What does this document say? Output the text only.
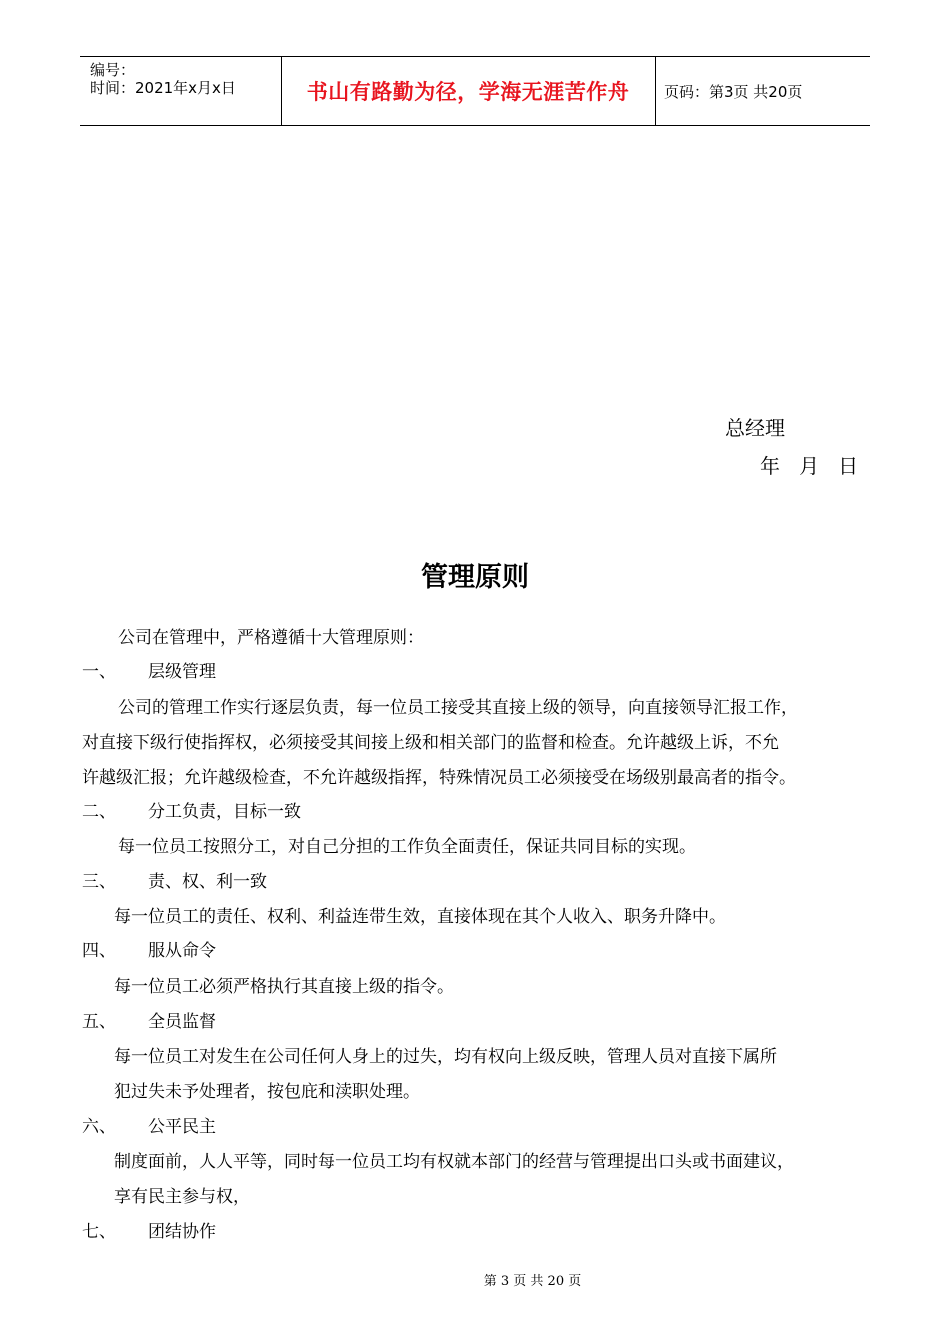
编号：
时间：2021年x月x日	书山有路勤为径，学海无涯苦作舟	页码：第3页 共20页
总经理
年   月   日
管理原则
公司在管理中，严格遵循十大管理原则：
一、 层级管理
公司的管理工作实行逐层负责，每一位员工接受其直接上级的领导，向直接领导汇报工作，
对直接下级行使指挥权，必须接受其间接上级和相关部门的监督和检查。允许越级上诉，不允
许越级汇报；允许越级检查，不允许越级指挥，特殊情况员工必须接受在场级别最高者的指令。
二、 分工负责，目标一致
每一位员工按照分工，对自己分担的工作负全面责任，保证共同目标的实现。
三、 责、权、利一致
每一位员工的责任、权利、利益连带生效，直接体现在其个人收入、职务升降中。
四、 服从命令
每一位员工必须严格执行其直接上级的指令。
五、 全员监督
每一位员工对发生在公司任何人身上的过失，均有权向上级反映，管理人员对直接下属所
犯过失未予处理者，按包庇和渎职处理。
六、 公平民主
制度面前，人人平等，同时每一位员工均有权就本部门的经营与管理提出口头或书面建议，
享有民主参与权，
七、 团结协作
第 3 页 共 20 页
